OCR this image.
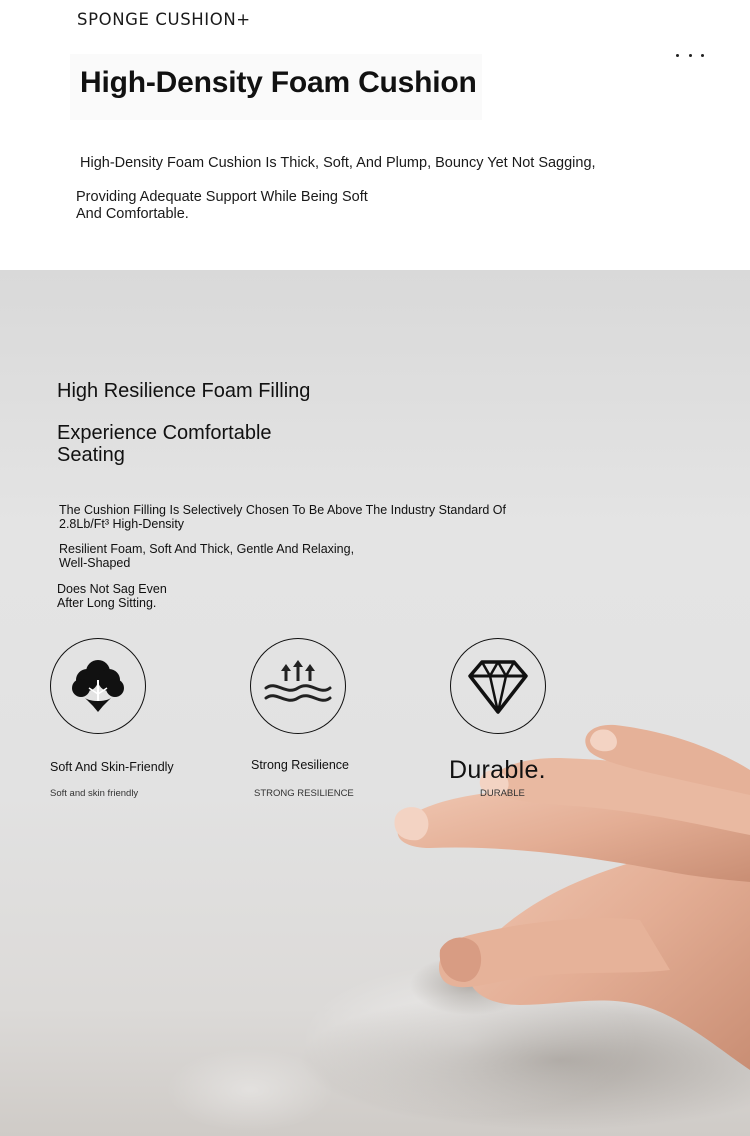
SPONGE CUSHION+
High-Density Foam Cushion

High-Density Foam Cushion Is Thick, Soft, And Plump, Bouncy Yet Not Sagging,

Providing Adequate Support While Being Soft And Comfortable.

High Resilience Foam Filling
Experience Comfortable Seating

The Cushion Filling Is Selectively Chosen To Be Above The Industry Standard Of 2.8Lb/Ft³ High-Density

Resilient Foam, Soft And Thick, Gentle And Relaxing, Well-Shaped

Does Not Sag Even After Long Sitting.

Soft And Skin-Friendly
Soft and skin friendly
Strong Resilience
STRONG RESILIENCE
Durable.
DURABLE
